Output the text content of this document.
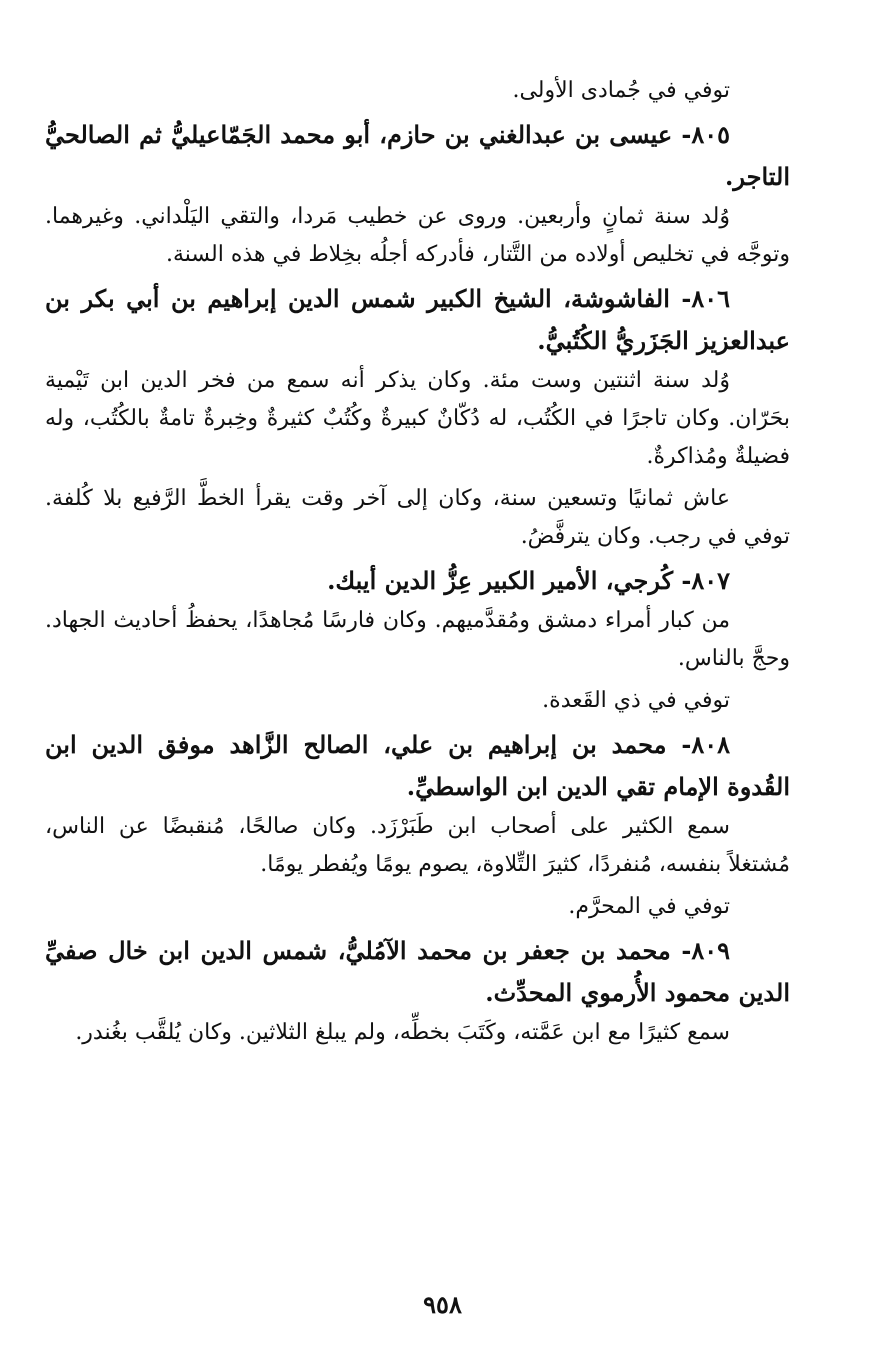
توفي في جُمادى الأولى.

٨٠٥- عيسى بن عبدالغني بن حازم، أبو محمد الجَمّاعيليُّ ثم الصالحيُّ التاجر.

وُلد سنة ثمانٍ وأربعين. وروى عن خطيب مَردا، والتقي اليَلْداني. وغيرهما. وتوجَّه في تخليص أولاده من التَّتار، فأدركه أجلُه بخِلاط في هذه السنة.

٨٠٦- الفاشوشة، الشيخ الكبير شمس الدين إبراهيم بن أبي بكر بن عبدالعزيز الجَزَريُّ الكُتُبيُّ.

وُلد سنة اثنتين وست مئة. وكان يذكر أنه سمع من فخر الدين ابن تَيْمية بحَرّان. وكان تاجرًا في الكُتُب، له دُكّانٌ كبيرةٌ وكُتُبٌ كثيرةٌ وخِبرةٌ تامةٌ بالكُتُب، وله فضيلةٌ ومُذاكرةٌ.

عاش ثمانيًا وتسعين سنة، وكان إلى آخر وقت يقرأ الخطَّ الرَّفيع بلا كُلفة. توفي في رجب. وكان يترفَّضُ.

٨٠٧- كُرجي، الأمير الكبير عِزُّ الدين أيبك.

من كبار أمراء دمشق ومُقدَّميهم. وكان فارسًا مُجاهدًا، يحفظُ أحاديث الجهاد. وحجَّ بالناس.

توفي في ذي القَعدة.

٨٠٨- محمد بن إبراهيم بن علي، الصالح الزَّاهد موفق الدين ابن القُدوة الإمام تقي الدين ابن الواسطيِّ.

سمع الكثير على أصحاب ابن طَبَرْزَد. وكان صالحًا، مُنقبضًا عن الناس، مُشتغلاً بنفسه، مُنفردًا، كثيرَ التِّلاوة، يصوم يومًا ويُفطر يومًا.

توفي في المحرَّم.

٨٠٩- محمد بن جعفر بن محمد الآمُليُّ، شمس الدين ابن خال صفيِّ الدين محمود الأُرموي المحدِّث.

سمع كثيرًا مع ابن عَمَّته، وكَتَبَ بخطِّه، ولم يبلغ الثلاثين. وكان يُلقَّب بغُندر.

٩٥٨
